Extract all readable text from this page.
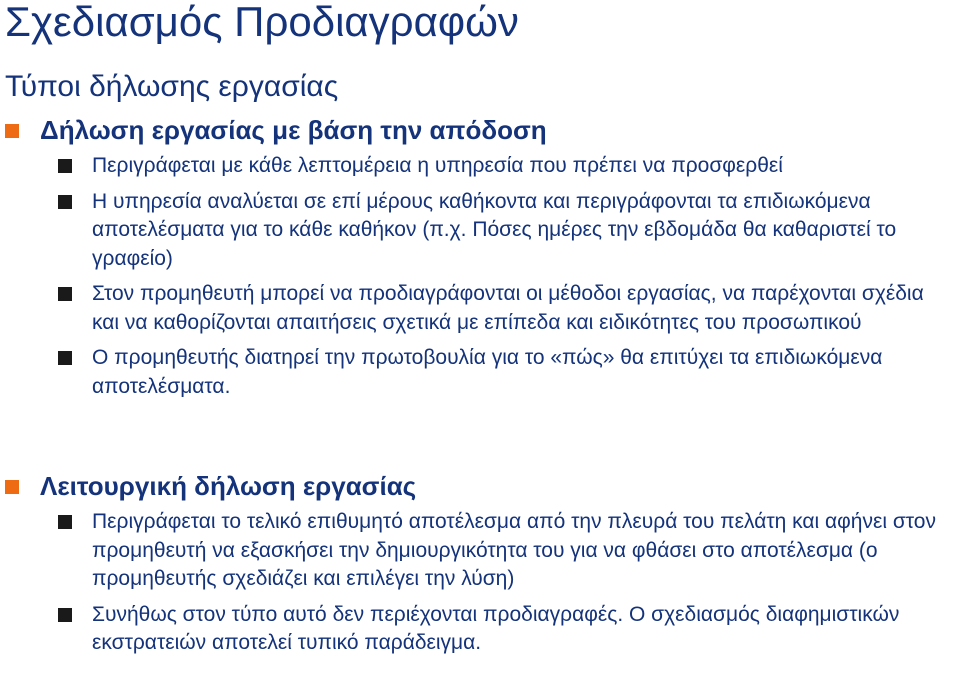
Σχεδιασμός Προδιαγραφών
Τύποι δήλωσης εργασίας
Δήλωση εργασίας με βάση την απόδοση
Περιγράφεται με κάθε λεπτομέρεια η υπηρεσία που πρέπει να προσφερθεί
Η υπηρεσία αναλύεται σε επί μέρους καθήκοντα και περιγράφονται τα επιδιωκόμενα αποτελέσματα για το κάθε καθήκον (π.χ. Πόσες ημέρες την εβδομάδα θα καθαριστεί το γραφείο)
Στον προμηθευτή μπορεί να προδιαγράφονται οι μέθοδοι εργασίας, να παρέχονται σχέδια και να καθορίζονται απαιτήσεις σχετικά με επίπεδα και ειδικότητες του προσωπικού
Ο προμηθευτής διατηρεί την πρωτοβουλία για το «πώς» θα επιτύχει τα επιδιωκόμενα αποτελέσματα.
Λειτουργική δήλωση εργασίας
Περιγράφεται το τελικό επιθυμητό αποτέλεσμα από την πλευρά του πελάτη και αφήνει στον προμηθευτή να εξασκήσει την δημιουργικότητα του για να φθάσει στο αποτέλεσμα (ο προμηθευτής σχεδιάζει και επιλέγει την λύση)
Συνήθως στον τύπο αυτό δεν περιέχονται προδιαγραφές. Ο σχεδιασμός διαφημιστικών εκστρατειών αποτελεί τυπικό παράδειγμα.
